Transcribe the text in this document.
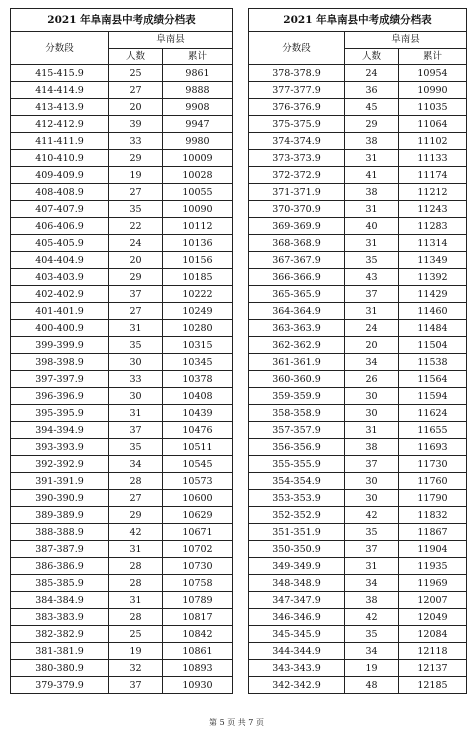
2021 年阜南县中考成绩分档表		
分数段	阜南县	
	人数	累计
415-415.9	25	9861
414-414.9	27	9888
413-413.9	20	9908
412-412.9	39	9947
411-411.9	33	9980
410-410.9	29	10009
409-409.9	19	10028
408-408.9	27	10055
407-407.9	35	10090
406-406.9	22	10112
405-405.9	24	10136
404-404.9	20	10156
403-403.9	29	10185
402-402.9	37	10222
401-401.9	27	10249
400-400.9	31	10280
399-399.9	35	10315
398-398.9	30	10345
397-397.9	33	10378
396-396.9	30	10408
395-395.9	31	10439
394-394.9	37	10476
393-393.9	35	10511
392-392.9	34	10545
391-391.9	28	10573
390-390.9	27	10600
389-389.9	29	10629
388-388.9	42	10671
387-387.9	31	10702
386-386.9	28	10730
385-385.9	28	10758
384-384.9	31	10789
383-383.9	28	10817
382-382.9	25	10842
381-381.9	19	10861
380-380.9	32	10893
379-379.9	37	10930
2021 年阜南县中考成绩分档表		
分数段	阜南县	
	人数	累计
378-378.9	24	10954
377-377.9	36	10990
376-376.9	45	11035
375-375.9	29	11064
374-374.9	38	11102
373-373.9	31	11133
372-372.9	41	11174
371-371.9	38	11212
370-370.9	31	11243
369-369.9	40	11283
368-368.9	31	11314
367-367.9	35	11349
366-366.9	43	11392
365-365.9	37	11429
364-364.9	31	11460
363-363.9	24	11484
362-362.9	20	11504
361-361.9	34	11538
360-360.9	26	11564
359-359.9	30	11594
358-358.9	30	11624
357-357.9	31	11655
356-356.9	38	11693
355-355.9	37	11730
354-354.9	30	11760
353-353.9	30	11790
352-352.9	42	11832
351-351.9	35	11867
350-350.9	37	11904
349-349.9	31	11935
348-348.9	34	11969
347-347.9	38	12007
346-346.9	42	12049
345-345.9	35	12084
344-344.9	34	12118
343-343.9	19	12137
342-342.9	48	12185
第 5 页 共 7 页
